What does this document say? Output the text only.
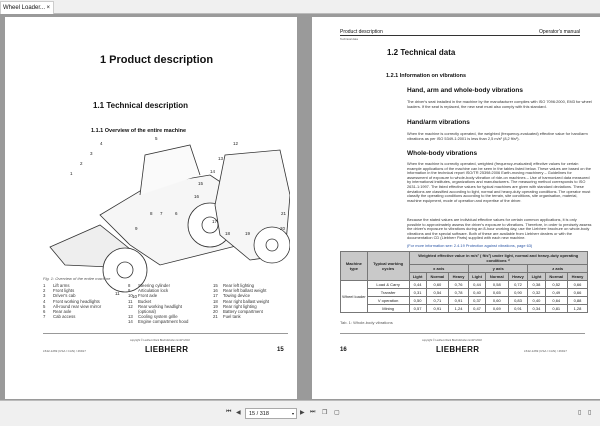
Wheel Loader... ×
1 Product description
1.1 Technical description
1.1.1 Overview of the entire machine
1
2
3
4
5
6
7
8
9
10
11
12
13
14
15
16
17
18	19
20
21
Fig. 1: Overview of the entire machine
1	Lift arms
2	Front lights
3	Driver's cab
4	Front working headlights
5	All-round rear view mirror
6	Rear axle
7	Cab access
8	Steering cylinder
9	Articulation lock
10	Front axle
11	Bucket
12	Rear working headlight
(optional)
13	Cooling system grille
14	Engine compartment hood
15	Rear left lighting
16	Rear left ballast weight
17	Towing device
18	Rear right ballast weight
19	Rear right lighting
20	Battery compartment
21	Fuel tank
copyright © Liebherr-Werk Bischofshofen GmbH 2018
LIEBHERR
L542-1269 (USA / CAN) / 46917	15
Product description	Operator's manual
Technical data
1.2 Technical data
1.2.1 Information on vibrations
Hand, arm and whole-body vibrations
The driver's seat installed in the machine by the manufacturer complies with ISO 7096:2000, EM3 for wheel loaders. If the seat is replaced, the new seat must also comply with this standard.
Hand/arm vibrations
When the machine is correctly operated, the weighted (frequency-evaluated) effective value for hand/arm vibrations as per ISO 5349-1:2001 is less than 2,5 m/s² (8,2 ft/s²).
Whole-body vibrations
When the machine is correctly operated, weighted (frequency-evaluated) effective values for certain example applications of the machine can be seen in the tables listed below. These values are based on the information in the technical report ISO/TR 25398:2006 Earth-moving machinery – Guidelines for assessment of exposure to whole-body vibration of ride-on machines – Use of harmonized data measured by international institutes, organizations and manufacturers. The measuring method corresponds to ISO 2631-1:1997. The listed effective values for typical machines are given with standard deviations. These deviations are classified according to light, normal and heavy-duty operating conditions. The operator must classify the operating conditions according to the terrain, site conditions, site organisation, material, machine equipment, mode of operation and expertise of the driver.
Because the stated values are individual effective values for certain common applications, it is only possible to approximately assess the driver's exposure to vibrations. Therefore, in order to precisely assess the driver's exposure to vibrations during an 8-hour working day, use the Liebherr brochure on whole-body vibrations and the special software. Both of these are available from Liebherr dealers or with the documentation CD (Liebherr Parts) supplied with each new machine.
(For more information see: 2.4.19 Protection against vibrations, page 63)
Machine type	Typical working cycles	Weighted effective value in m/s² ( ft/s²) under light, normal and heavy-duty operating conditions ¹⁾								
		x axis			y axis			z axis		
		Light	Normal	Heavy	Light	Normal	Heavy	Light	Normal	Heavy
Wheel loader	Load & Carry	0,44	0,60	0,76	0,44	0,58	0,72	0,38	0,52	0,66
	Transfer	0,31	0,54	0,78	0,40	0,65	0,90	0,32	0,49	0,66
	V operation	0,50	0,71	0,91	0,37	0,60	0,83	0,40	0,64	0,88
	Mining	0,57	0,91	1,24	0,47	0,69	0,91	0,34	0,81	1,28
Tab. 1: Whole-body vibrations
copyright © Liebherr-Werk Bischofshofen GmbH 2018
LIEBHERR
16	L542-1269 (USA / CAN) / 46917
⏮ ◀	15 / 318	▾ ▶ ⏭ ❐ ▢	▯ ▯
